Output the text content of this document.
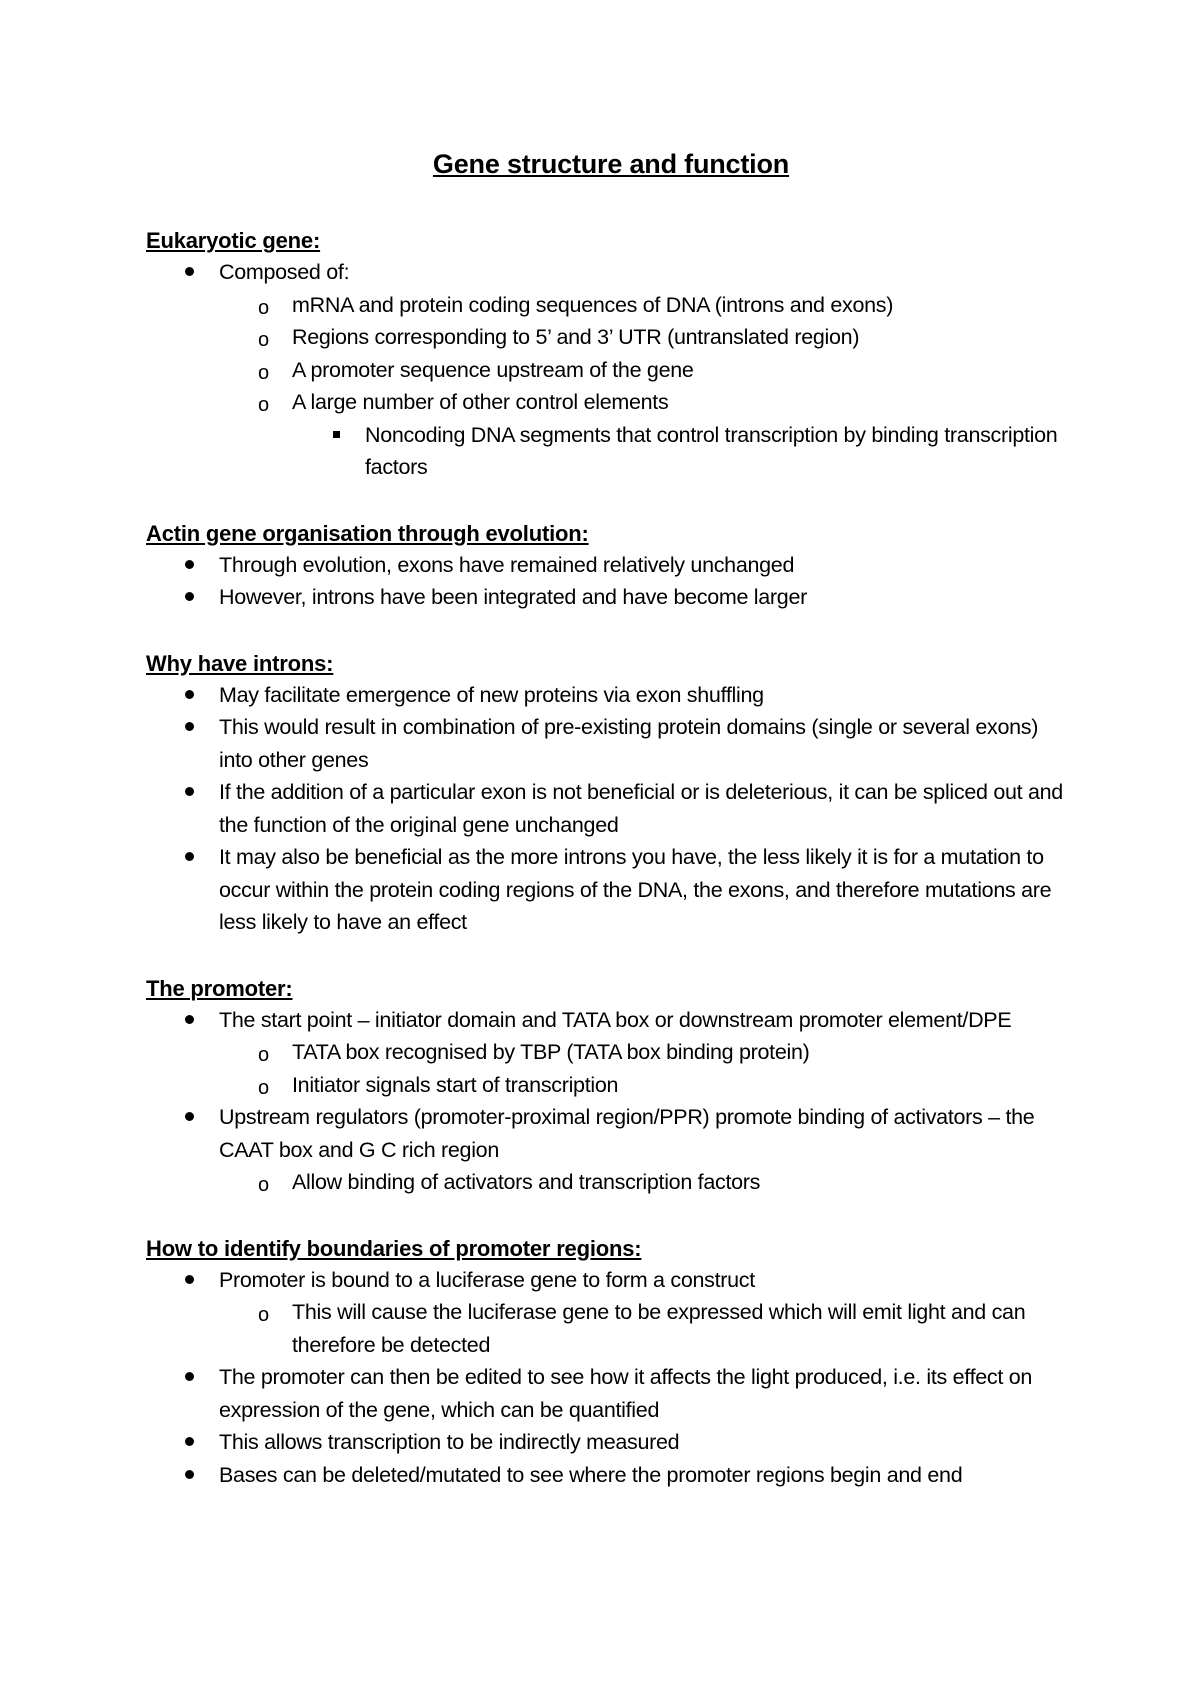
Gene structure and function
Eukaryotic gene:
Composed of:
o mRNA and protein coding sequences of DNA (introns and exons)
o Regions corresponding to 5’ and 3’ UTR (untranslated region)
o A promoter sequence upstream of the gene
o A large number of other control elements
Noncoding DNA segments that control transcription by binding transcription factors
Actin gene organisation through evolution:
Through evolution, exons have remained relatively unchanged
However, introns have been integrated and have become larger
Why have introns:
May facilitate emergence of new proteins via exon shuffling
This would result in combination of pre-existing protein domains (single or several exons) into other genes
If the addition of a particular exon is not beneficial or is deleterious, it can be spliced out and the function of the original gene unchanged
It may also be beneficial as the more introns you have, the less likely it is for a mutation to occur within the protein coding regions of the DNA, the exons, and therefore mutations are less likely to have an effect
The promoter:
The start point – initiator domain and TATA box or downstream promoter element/DPE
o TATA box recognised by TBP (TATA box binding protein)
o Initiator signals start of transcription
Upstream regulators (promoter-proximal region/PPR) promote binding of activators – the CAAT box and G C rich region
o Allow binding of activators and transcription factors
How to identify boundaries of promoter regions:
Promoter is bound to a luciferase gene to form a construct
o This will cause the luciferase gene to be expressed which will emit light and can therefore be detected
The promoter can then be edited to see how it affects the light produced, i.e. its effect on expression of the gene, which can be quantified
This allows transcription to be indirectly measured
Bases can be deleted/mutated to see where the promoter regions begin and end
